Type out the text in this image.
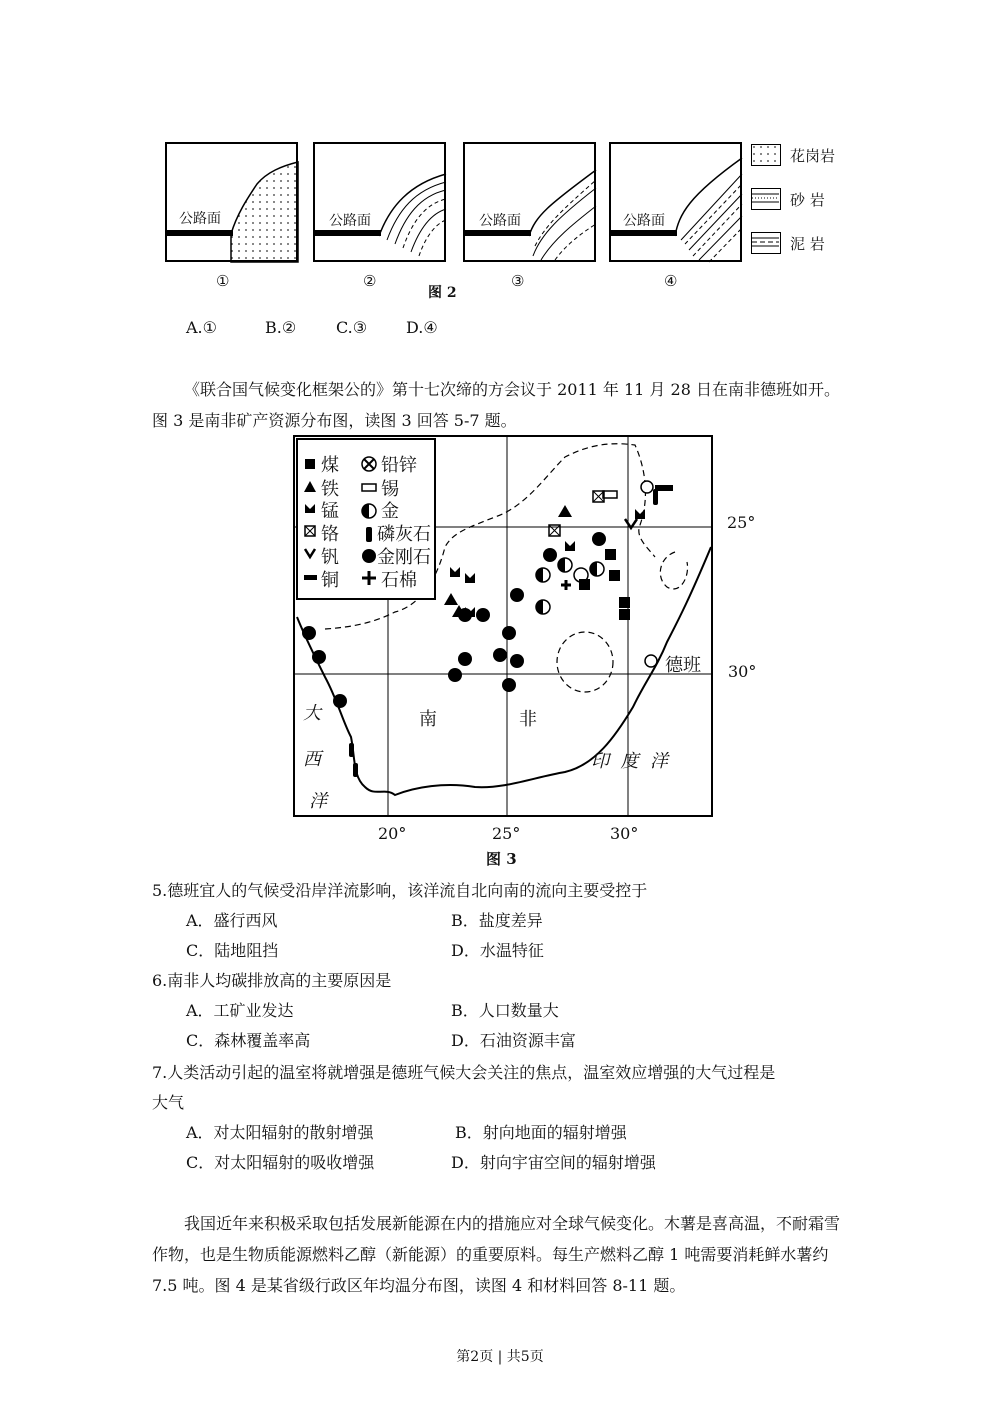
公路面	公路面	公路面	公路面
花岗岩
砂 岩
泥 岩
①	②	③	④
图 2
A.①	B.② C.③ D.④
《联合国气候变化框架公的》第十七次缔的方会议于 2011 年 11 月 28 日在南非德班如开。图 3 是南非矿产资源分布图，读图 3 回答 5-7 题。
煤
铁
锰
铬
钒
铜
铅锌
锡
金
磷灰石
金刚石
石棉
25°
德班
南	非
大
西
洋
印  度  洋
30°
20°	25°	30°
图 3
5.德班宜人的气候受沿岸洋流影响，该洋流自北向南的流向主要受控于
A．盛行西风	B．盐度差异
C．陆地阻挡	D．水温特征
6.南非人均碳排放高的主要原因是
A．工矿业发达	B．人口数量大
C．森林覆盖率高	D．石油资源丰富
7.人类活动引起的温室将就增强是德班气候大会关注的焦点，温室效应增强的大气过程是
大气
A．对太阳辐射的散射增强	B．射向地面的辐射增强
C．对太阳辐射的吸收增强	D．射向宇宙空间的辐射增强
我国近年来积极采取包括发展新能源在内的措施应对全球气候变化。木薯是喜高温，不耐霜雪作物，也是生物质能源燃料乙醇（新能源）的重要原料。每生产燃料乙醇 1 吨需要消耗鲜水薯约 7.5 吨。图 4 是某省级行政区年均温分布图，读图 4 和材料回答 8-11 题。
第2页 | 共5页
